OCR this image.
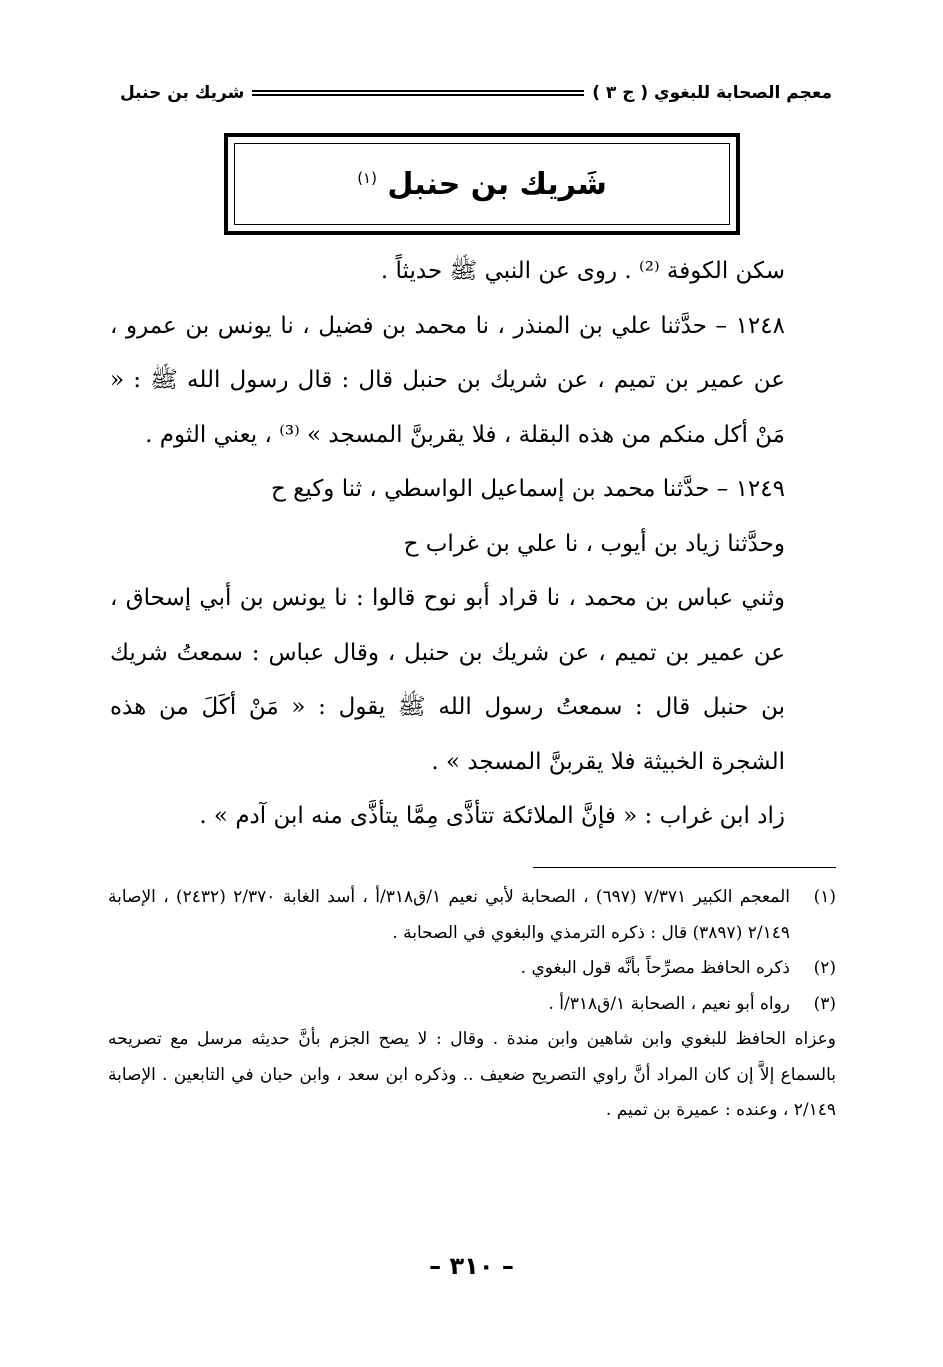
معجم الصحابة للبغوي ( ج ٣ )
شريك بن حنبل
شَريك بن حنبل $^{(١)}$

سكن الكوفة ⁽²⁾ . روى عن النبي ﷺ حديثاً .

١٢٤٨ – حدَّثنا علي بن المنذر ، نا محمد بن فضيل ، نا يونس بن عمرو ، عن عمير بن تميم ، عن شريك بن حنبل قال : قال رسول الله ﷺ : « مَنْ أكل منكم من هذه البقلة ، فلا يقربنَّ المسجد » ⁽³⁾ ، يعني الثوم .

١٢٤٩ – حدَّثنا محمد بن إسماعيل الواسطي ، ثنا وكيع ح

وحدَّثنا زياد بن أيوب ، نا علي بن غراب ح

وثني عباس بن محمد ، نا قراد أبو نوح قالوا : نا يونس بن أبي إسحاق ، عن عمير بن تميم ، عن شريك بن حنبل ، وقال عباس : سمعتُ شريك بن حنبل قال : سمعتُ رسول الله ﷺ يقول : « مَنْ أكَلَ من هذه الشجرة الخبيثة فلا يقربنَّ المسجد » .

زاد ابن غراب : « فإنَّ الملائكة تتأذَّى مِمَّا يتأذَّى منه ابن آدم » .

(١)
المعجم الكبير ٧/٣٧١ (٦٩٧) ، الصحابة لأبي نعيم ١/ق٣١٨/أ ، أسد الغابة ٢/٣٧٠ (٢٤٣٢) ، الإصابة ٢/١٤٩ (٣٨٩٧) قال : ذكره الترمذي والبغوي في الصحابة .
(٢)
ذكره الحافظ مصرِّحاً بأنَّه قول البغوي .
(٣)
رواه أبو نعيم ، الصحابة ١/ق٣١٨/أ .

وعزاه الحافظ للبغوي وابن شاهين وابن مندة . وقال : لا يصح الجزم بأنَّ حديثه مرسل مع تصريحه بالسماع إلاَّ إن كان المراد أنَّ راوي التصريح ضعيف .. وذكره ابن سعد ، وابن حبان في التابعين . الإصابة ٢/١٤٩ ، وعنده : عميرة بن تميم .

– ٣١٠ –
